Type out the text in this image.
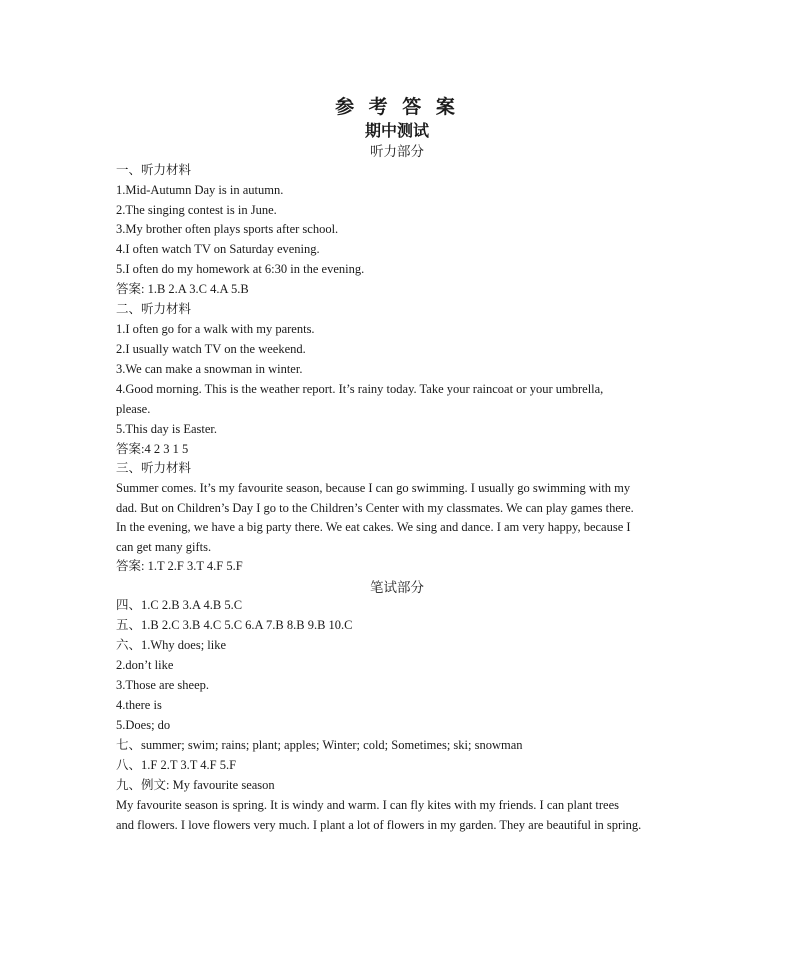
参 考 答 案
期中测试
听力部分
一、听力材料
1.Mid-Autumn Day is in autumn.
2.The singing contest is in June.
3.My brother often plays sports after school.
4.I often watch TV on Saturday evening.
5.I often do my homework at 6:30 in the evening.
答案: 1.B 2.A 3.C 4.A 5.B
二、听力材料
1.I often go for a walk with my parents.
2.I usually watch TV on the weekend.
3.We can make a snowman in winter.
4.Good morning. This is the weather report. It’s rainy today. Take your raincoat or your umbrella,
please.
5.This day is Easter.
答案:4 2 3 1 5
三、听力材料
Summer comes. It’s my favourite season, because I can go swimming. I usually go swimming with my
dad. But on Children’s Day I go to the Children’s Center with my classmates. We can play games there.
In the evening, we have a big party there. We eat cakes. We sing and dance. I am very happy, because I
can get many gifts.
答案: 1.T 2.F 3.T 4.F 5.F
笔试部分
四、1.C 2.B 3.A 4.B 5.C
五、1.B 2.C 3.B 4.C 5.C 6.A 7.B 8.B 9.B 10.C
六、1.Why does; like
2.don’t like
3.Those are sheep.
4.there is
5.Does; do
七、summer; swim; rains; plant; apples; Winter; cold; Sometimes; ski; snowman
八、1.F 2.T 3.T 4.F 5.F
九、例文: My favourite season
My favourite season is spring. It is windy and warm. I can fly kites with my friends. I can plant trees
and flowers. I love flowers very much. I plant a lot of flowers in my garden. They are beautiful in spring.
